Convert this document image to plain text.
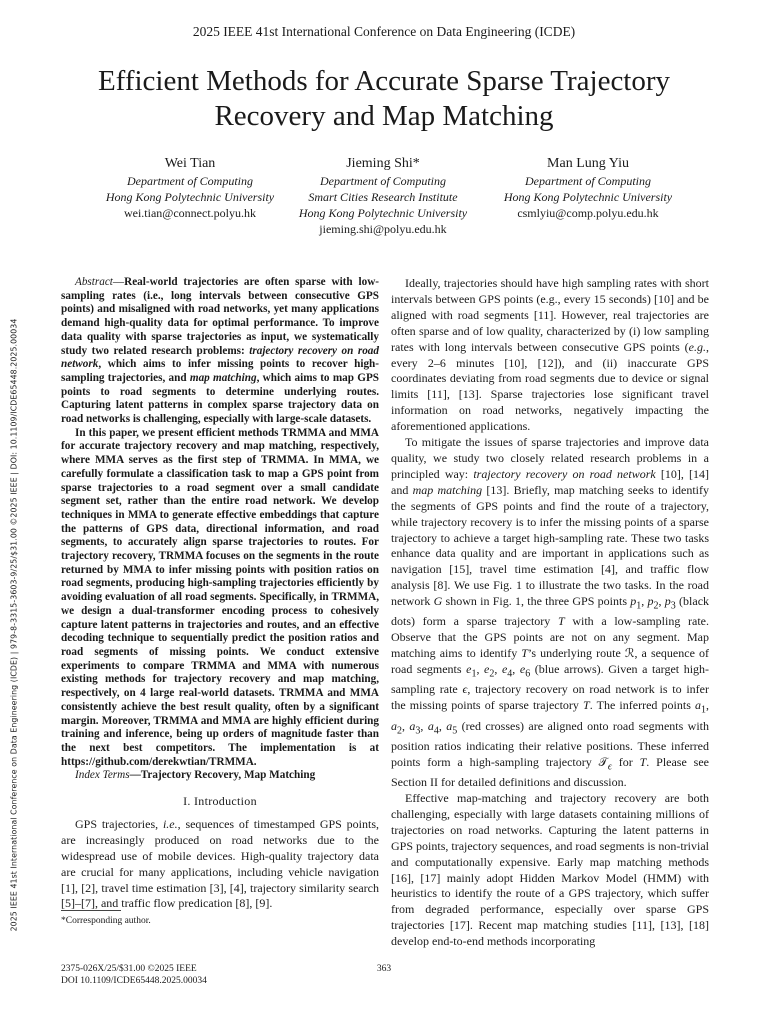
2025 IEEE 41st International Conference on Data Engineering (ICDE)
Efficient Methods for Accurate Sparse Trajectory Recovery and Map Matching
Wei Tian
Department of Computing
Hong Kong Polytechnic University
wei.tian@connect.polyu.hk
Jieming Shi*
Department of Computing
Smart Cities Research Institute
Hong Kong Polytechnic University
jieming.shi@polyu.edu.hk
Man Lung Yiu
Department of Computing
Hong Kong Polytechnic University
csmlyiu@comp.polyu.edu.hk
2025 IEEE 41st International Conference on Data Engineering (ICDE) | 979-8-3315-3603-9/25/$31.00 ©2025 IEEE | DOI: 10.1109/ICDE65448.2025.00034

Abstract—Real-world trajectories are often sparse with low-sampling rates (i.e., long intervals between consecutive GPS points) and misaligned with road networks, yet many applications demand high-quality data for optimal performance. To improve data quality with sparse trajectories as input, we systematically study two related research problems: trajectory recovery on road network, which aims to infer missing points to recover high-sampling trajectories, and map matching, which aims to map GPS points to road segments to determine underlying routes. Capturing latent patterns in complex sparse trajectory data on road networks is challenging, especially with large-scale datasets.

In this paper, we present efficient methods TRMMA and MMA for accurate trajectory recovery and map matching, respectively, where MMA serves as the first step of TRMMA. In MMA, we carefully formulate a classification task to map a GPS point from sparse trajectories to a road segment over a small candidate segment set, rather than the entire road network. We develop techniques in MMA to generate effective embeddings that capture the patterns of GPS data, directional information, and road segments, to accurately align sparse trajectories to routes. For trajectory recovery, TRMMA focuses on the segments in the route returned by MMA to infer missing points with position ratios on road segments, producing high-sampling trajectories efficiently by avoiding evaluation of all road segments. Specifically, in TRMMA, we design a dual-transformer encoding process to cohesively capture latent patterns in trajectories and routes, and an effective decoding technique to sequentially predict the position ratios and road segments of missing points. We conduct extensive experiments to compare TRMMA and MMA with numerous existing methods for trajectory recovery and map matching, respectively, on 4 large real-world datasets. TRMMA and MMA consistently achieve the best result quality, often by a significant margin. Moreover, TRMMA and MMA are highly efficient during training and inference, being up orders of magnitude faster than the next best competitors. The implementation is at https://github.com/derekwtian/TRMMA.

Index Terms—Trajectory Recovery, Map Matching

I. Introduction

GPS trajectories, i.e., sequences of timestamped GPS points, are increasingly produced on road networks due to the widespread use of mobile devices. High-quality trajectory data are crucial for many applications, including vehicle navigation [1], [2], travel time estimation [3], [4], trajectory similarity search [5]–[7], and traffic flow predication [8], [9].

*Corresponding author.

Ideally, trajectories should have high sampling rates with short intervals between GPS points (e.g., every 15 seconds) [10] and be aligned with road segments [11]. However, real trajectories are often sparse and of low quality, characterized by (i) low sampling rates with long intervals between consecutive GPS points (e.g., every 2–6 minutes [10], [12]), and (ii) inaccurate GPS coordinates deviating from road segments due to device or signal limits [11], [13]. Sparse trajectories lose significant travel information on road networks, negatively impacting the aforementioned applications.

To mitigate the issues of sparse trajectories and improve data quality, we study two closely related research problems in a principled way: trajectory recovery on road network [10], [14] and map matching [13]. Briefly, map matching seeks to identify the segments of GPS points and find the route of a trajectory, while trajectory recovery is to infer the missing points of a sparse trajectory to achieve a target high-sampling rate. These two tasks enhance data quality and are important in applications such as navigation [15], travel time estimation [4], and traffic flow analysis [8]. We use Fig. 1 to illustrate the two tasks. In the road network G shown in Fig. 1, the three GPS points $p_1$, $p_2$, $p_3$ (black dots) form a sparse trajectory T with a low-sampling rate. Observe that the GPS points are not on any segment. Map matching aims to identify T’s underlying route ℛ, a sequence of road segments $e_1$, $e_2$, $e_4$, $e_6$ (blue arrows). Given a target high-sampling rate ϵ, trajectory recovery on road network is to infer the missing points of sparse trajectory T. The inferred points $a_1$, $a_2$, $a_3$, $a_4$, $a_5$ (red crosses) are aligned onto road segments with position ratios indicating their relative positions. These inferred points form a high-sampling trajectory 𝒯$_\epsilon$ for T. Please see Section II for detailed definitions and discussion.

Effective map-matching and trajectory recovery are both challenging, especially with large datasets containing millions of trajectories on road networks. Capturing the latent patterns in GPS points, trajectory sequences, and road segments is non-trivial and computationally expensive. Early map matching methods [16], [17] mainly adopt Hidden Markov Model (HMM) with heuristics to identify the route of a GPS trajectory, which suffer from degraded performance, especially over sparse GPS trajectories [17]. Recent map matching studies [11], [13], [18] develop end-to-end methods incorporating

2375-026X/25/$31.00 ©2025 IEEE
DOI 10.1109/ICDE65448.2025.00034
363
